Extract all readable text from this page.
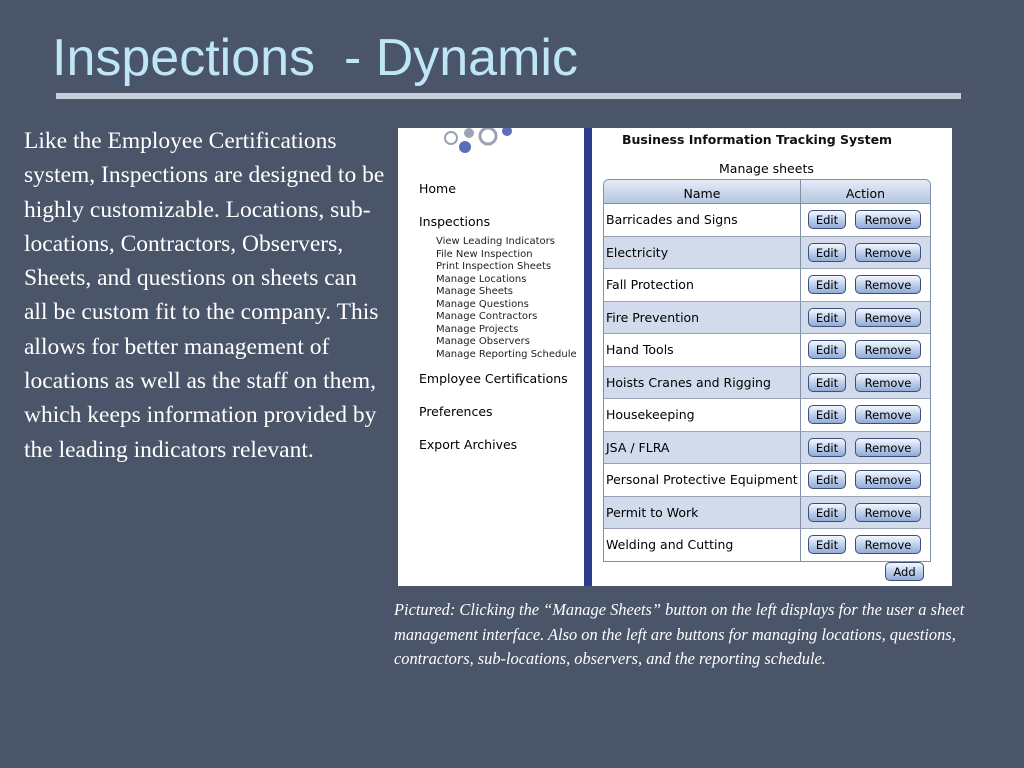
Inspections  - Dynamic
Like the Employee Certifications system, Inspections are designed to be highly customizable. Locations, sub-locations, Contractors, Observers, Sheets, and questions on sheets can all be custom fit to the company. This allows for better management of locations as well as the staff on them, which keeps information provided by the leading indicators relevant.
Home
Inspections
View Leading Indicators
File New Inspection
Print Inspection Sheets
Manage Locations
Manage Sheets
Manage Questions
Manage Contractors
Manage Projects
Manage Observers
Manage Reporting Schedule
Employee Certifications
Preferences
Export Archives
Business Information Tracking System
Manage sheets
Name	Action
Barricades and Signs	Edit	Remove
Electricity	Edit	Remove
Fall Protection	Edit	Remove
Fire Prevention	Edit	Remove
Hand Tools	Edit	Remove
Hoists Cranes and Rigging	Edit	Remove
Housekeeping	Edit	Remove
JSA / FLRA	Edit	Remove
Personal Protective Equipment	Edit	Remove
Permit to Work	Edit	Remove
Welding and Cutting	Edit	Remove
Add
Pictured: Clicking the “Manage Sheets” button on the left displays for the user a sheet management interface. Also on the left are buttons for managing locations, questions, contractors, sub-locations, observers, and the reporting schedule.
